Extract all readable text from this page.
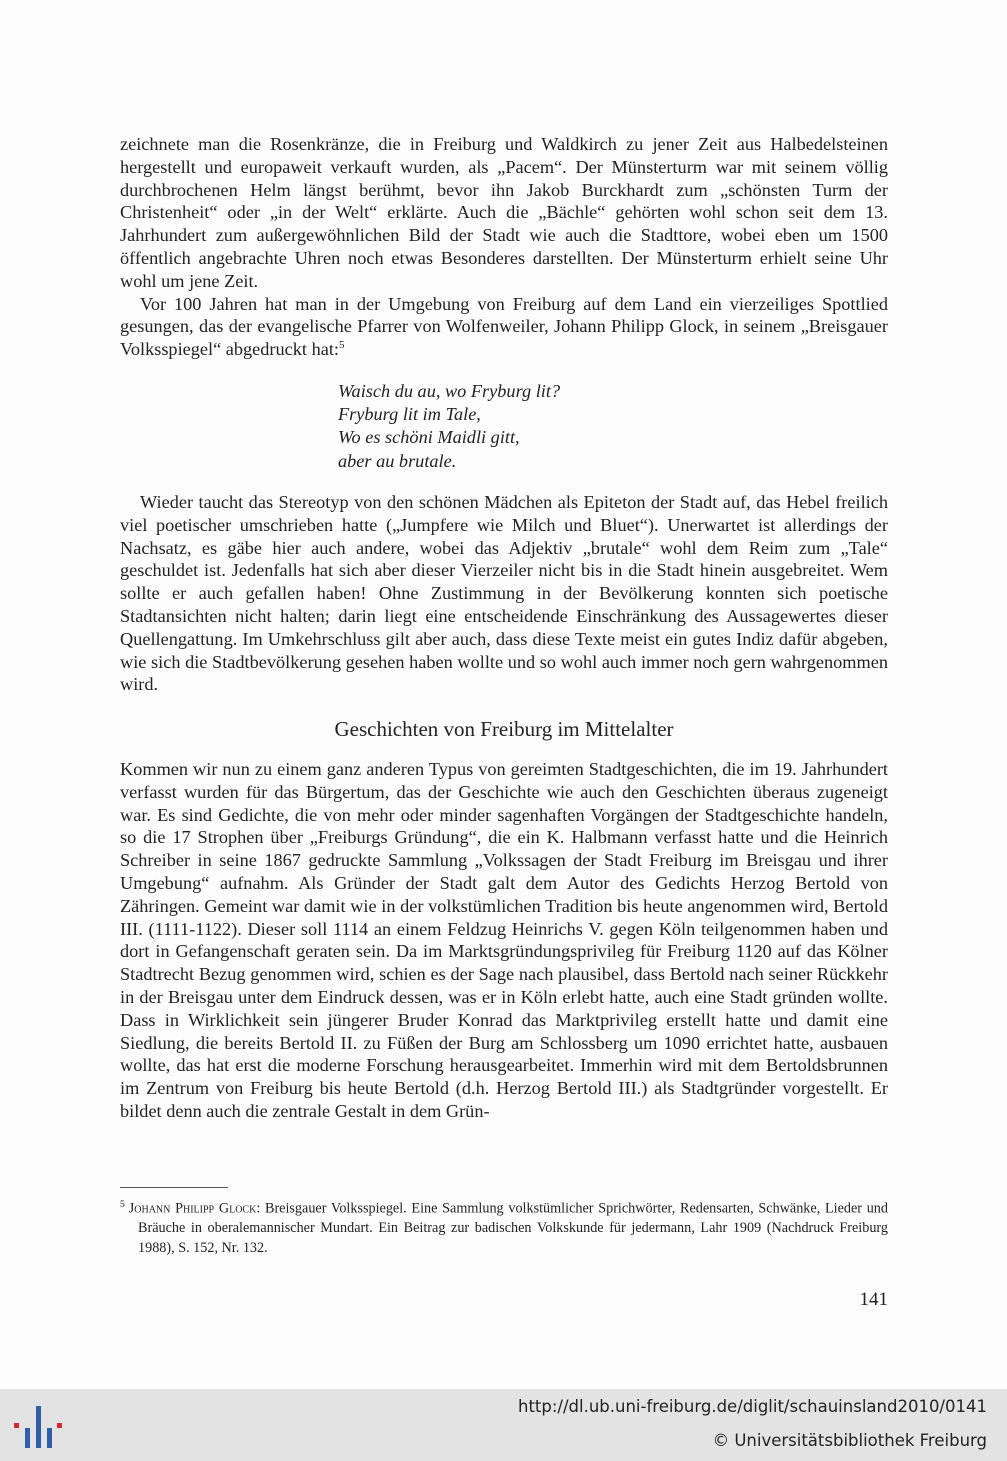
zeichnete man die Rosenkränze, die in Freiburg und Waldkirch zu jener Zeit aus Halbedelsteinen hergestellt und europaweit verkauft wurden, als „Pacem“. Der Münsterturm war mit seinem völlig durchbrochenen Helm längst berühmt, bevor ihn Jakob Burckhardt zum „schönsten Turm der Christenheit“ oder „in der Welt“ erklärte. Auch die „Bächle“ gehörten wohl schon seit dem 13. Jahrhundert zum außergewöhnlichen Bild der Stadt wie auch die Stadttore, wobei eben um 1500 öffentlich angebrachte Uhren noch etwas Besonderes darstellten. Der Münsterturm erhielt seine Uhr wohl um jene Zeit.

Vor 100 Jahren hat man in der Umgebung von Freiburg auf dem Land ein vierzeiliges Spottlied gesungen, das der evangelische Pfarrer von Wolfenweiler, Johann Philipp Glock, in seinem „Breisgauer Volksspiegel“ abgedruckt hat:$^5$

Waisch du au, wo Fryburg lit?
Fryburg lit im Tale,
Wo es schöni Maidli gitt,
aber au brutale.

Wieder taucht das Stereotyp von den schönen Mädchen als Epiteton der Stadt auf, das Hebel freilich viel poetischer umschrieben hatte („Jumpfere wie Milch und Bluet“). Unerwartet ist allerdings der Nachsatz, es gäbe hier auch andere, wobei das Adjektiv „brutale“ wohl dem Reim zum „Tale“ geschuldet ist. Jedenfalls hat sich aber dieser Vierzeiler nicht bis in die Stadt hinein ausgebreitet. Wem sollte er auch gefallen haben! Ohne Zustimmung in der Bevölkerung konnten sich poetische Stadtansichten nicht halten; darin liegt eine entscheidende Einschränkung des Aussagewertes dieser Quellengattung. Im Umkehrschluss gilt aber auch, dass diese Texte meist ein gutes Indiz dafür abgeben, wie sich die Stadtbevölkerung gesehen haben wollte und so wohl auch immer noch gern wahrgenommen wird.

Geschichten von Freiburg im Mittelalter

Kommen wir nun zu einem ganz anderen Typus von gereimten Stadtgeschichten, die im 19. Jahrhundert verfasst wurden für das Bürgertum, das der Geschichte wie auch den Geschichten überaus zugeneigt war. Es sind Gedichte, die von mehr oder minder sagenhaften Vorgängen der Stadtgeschichte handeln, so die 17 Strophen über „Freiburgs Gründung“, die ein K. Halbmann verfasst hatte und die Heinrich Schreiber in seine 1867 gedruckte Sammlung „Volkssagen der Stadt Freiburg im Breisgau und ihrer Umgebung“ aufnahm. Als Gründer der Stadt galt dem Autor des Gedichts Herzog Bertold von Zähringen. Gemeint war damit wie in der volkstümlichen Tradition bis heute angenommen wird, Bertold III. (1111-1122). Dieser soll 1114 an einem Feldzug Heinrichs V. gegen Köln teilgenommen haben und dort in Gefangenschaft geraten sein. Da im Marktsgründungsprivileg für Freiburg 1120 auf das Kölner Stadtrecht Bezug genommen wird, schien es der Sage nach plausibel, dass Bertold nach seiner Rückkehr in der Breisgau unter dem Eindruck dessen, was er in Köln erlebt hatte, auch eine Stadt gründen wollte. Dass in Wirklichkeit sein jüngerer Bruder Konrad das Marktprivileg erstellt hatte und damit eine Siedlung, die bereits Bertold II. zu Füßen der Burg am Schlossberg um 1090 errichtet hatte, ausbauen wollte, das hat erst die moderne Forschung herausgearbeitet. Immerhin wird mit dem Bertoldsbrunnen im Zentrum von Freiburg bis heute Bertold (d.h. Herzog Bertold III.) als Stadtgründer vorgestellt. Er bildet denn auch die zentrale Gestalt in dem Grün-

$^5$ Johann Philipp Glock: Breisgauer Volksspiegel. Eine Sammlung volkstümlicher Sprichwörter, Redensarten, Schwänke, Lieder und Bräuche in oberalemannischer Mundart. Ein Beitrag zur badischen Volkskunde für jedermann, Lahr 1909 (Nachdruck Freiburg 1988), S. 152, Nr. 132.
141
http://dl.ub.uni-freiburg.de/diglit/schauinsland2010/0141
© Universitätsbibliothek Freiburg
